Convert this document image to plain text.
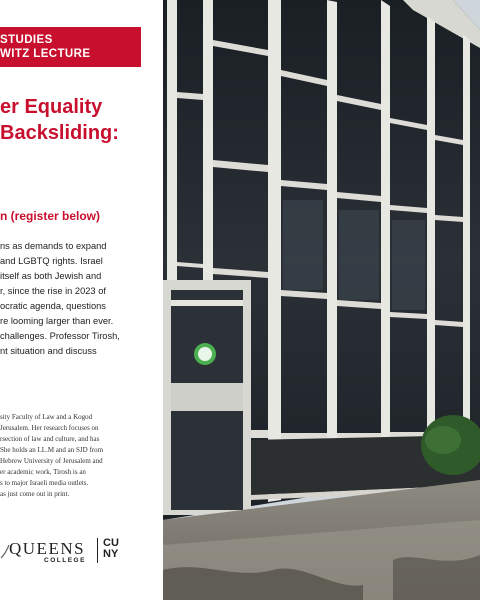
STUDIES
WITZ LECTURE
er Equality
Backsliding:
n (register below)
ns as demands to expand
and LGBTQ rights. Israel
itself as both Jewish and
r, since the rise in 2023 of
ocratic agenda, questions
re looming larger than ever.
challenges. Professor Tirosh,
nt situation and discuss
sity Faculty of Law and a Kogod
Jerusalem. Her research focuses on
rsection of law and culture, and has
She holds an LL.M and an SJD from
Hebrew University of Jerusalem and
er academic work, Tirosh is an
s to major Israeli media outlets.
as just come out in print.
QUEENS
COLLEGE
CU
NY
